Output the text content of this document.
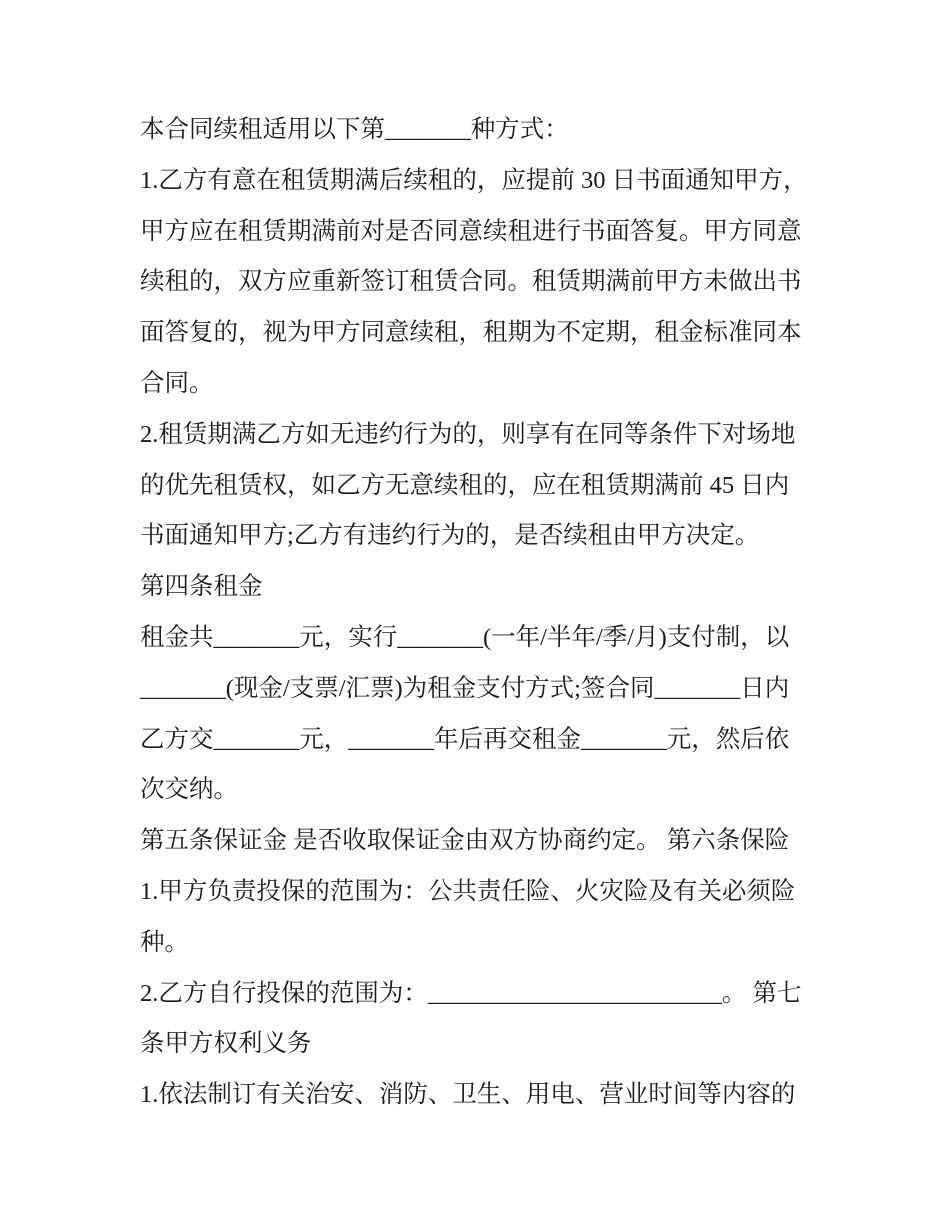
本合同续租适用以下第_______种方式：
1.乙方有意在租赁期满后续租的，应提前 30 日书面通知甲方，
甲方应在租赁期满前对是否同意续租进行书面答复。甲方同意
续租的，双方应重新签订租赁合同。租赁期满前甲方未做出书
面答复的，视为甲方同意续租，租期为不定期，租金标准同本
合同。
2.租赁期满乙方如无违约行为的，则享有在同等条件下对场地
的优先租赁权，如乙方无意续租的，应在租赁期满前 45 日内
书面通知甲方;乙方有违约行为的，是否续租由甲方决定。
第四条租金
租金共_______元，实行_______(一年/半年/季/月)支付制，以
_______(现金/支票/汇票)为租金支付方式;签合同_______日内
乙方交_______元，_______年后再交租金_______元，然后依
次交纳。
第五条保证金 是否收取保证金由双方协商约定。 第六条保险
1.甲方负责投保的范围为：公共责任险、火灾险及有关必须险
种。
2.乙方自行投保的范围为：________________________。 第七
条甲方权利义务
1.依法制订有关治安、消防、卫生、用电、营业时间等内容的
